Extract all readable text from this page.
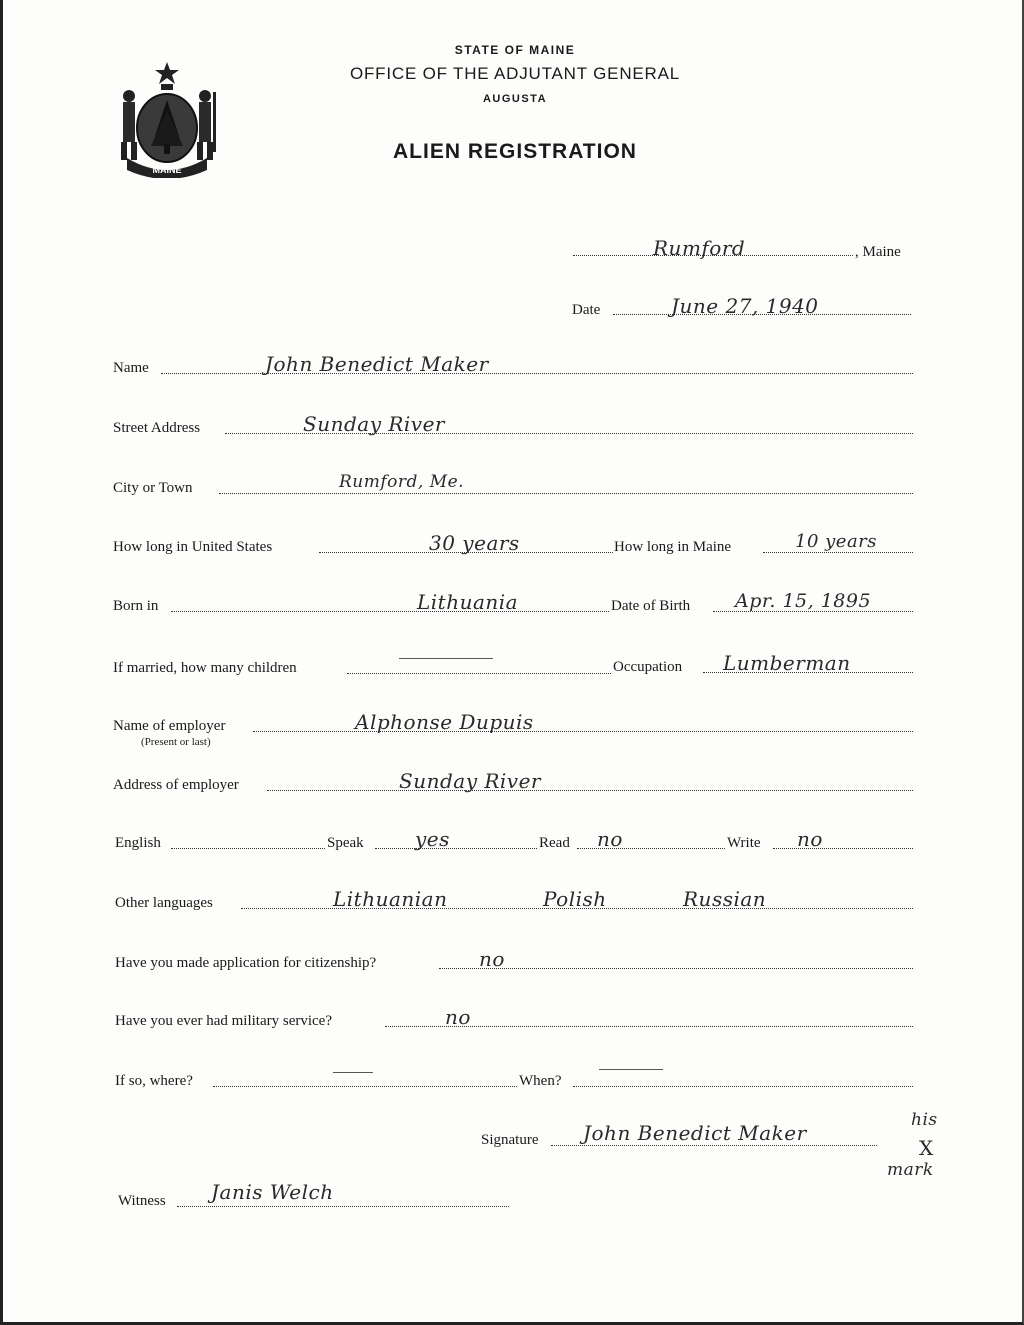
MAINE
STATE OF MAINE
OFFICE OF THE ADJUTANT GENERAL
AUGUSTA
ALIEN REGISTRATION
Rumford	, Maine
Date	June 27, 1940
Name	John Benedict Maker
Street Address	Sunday River
City or Town	Rumford, Me.
How long in United States	30 years	How long in Maine	10 years
Born in	Lithuania	Date of Birth Apr. 15, 1895
If married, how many children	Occupation Lumberman
Name of employer
(Present or last)
Alphonse Dupuis
Address of employer	Sunday River
English	Speak	yes	Read no	Write no
Other languages	Lithuanian	Polish	Russian
Have you made application for citizenship?	no
Have you ever had military service?	no
If so, where?	When?
Signature John Benedict Maker
his
X
mark
Witness Janis Welch
